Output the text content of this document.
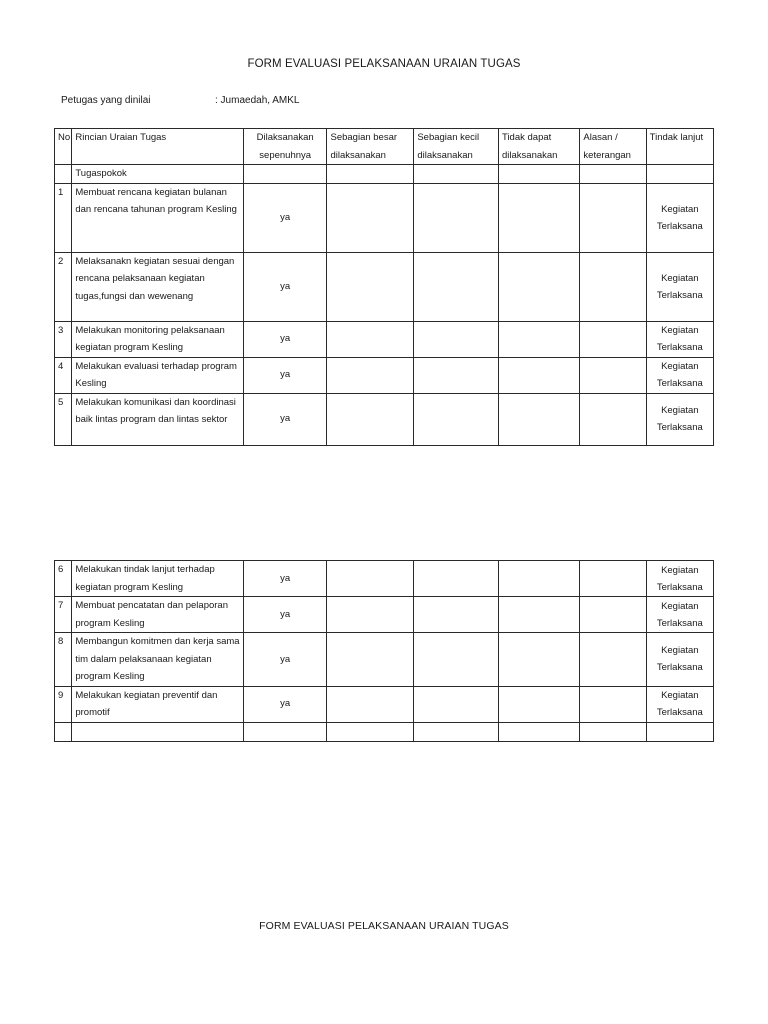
FORM EVALUASI PELAKSANAAN URAIAN TUGAS
Petugas yang dinilai	: Jumaedah, AMKL
No	Rincian Uraian Tugas	Dilaksanakan sepenuhnya	Sebagian besar dilaksanakan	Sebagian kecil dilaksanakan	Tidak dapat dilaksanakan	Alasan / keterangan	Tindak lanjut
	Tugaspokok						
1	Membuat rencana kegiatan bulanan dan rencana tahunan program Kesling	ya					Kegiatan Terlaksana
2	Melaksanakn kegiatan sesuai dengan rencana pelaksanaan kegiatan tugas,fungsi dan wewenang	ya					Kegiatan Terlaksana
3	Melakukan monitoring pelaksanaan kegiatan program Kesling	ya					Kegiatan Terlaksana
4	Melakukan evaluasi terhadap program Kesling	ya					Kegiatan Terlaksana
5	Melakukan komunikasi dan koordinasi baik lintas program dan lintas sektor	ya					Kegiatan Terlaksana
6	Melakukan tindak lanjut terhadap kegiatan program Kesling	ya					Kegiatan Terlaksana
7	Membuat pencatatan dan pelaporan program Kesling	ya					Kegiatan Terlaksana
8	Membangun komitmen dan kerja sama tim dalam pelaksanaan kegiatan program Kesling	ya					Kegiatan Terlaksana
9	Melakukan kegiatan preventif dan promotif	ya					Kegiatan Terlaksana

FORM EVALUASI PELAKSANAAN URAIAN TUGAS
